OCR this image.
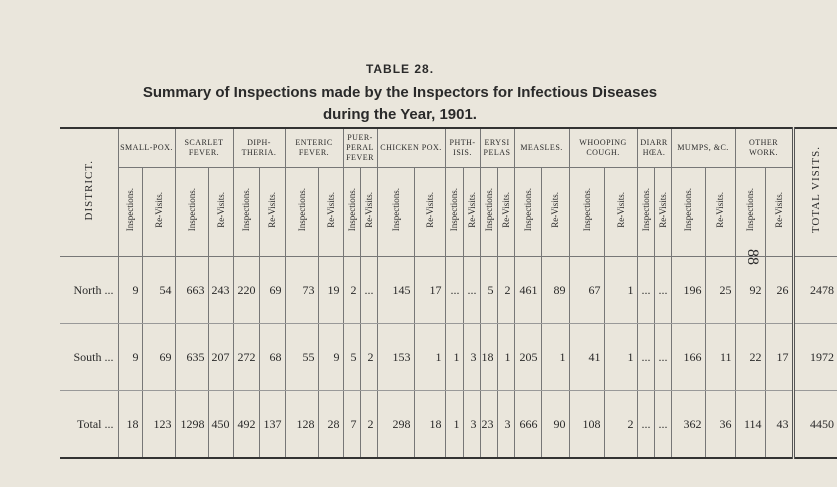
TABLE 28.
Summary of Inspections made by the Inspectors for Infectious Diseases
during the Year, 1901.
88
DISTRICT.	SMALL-POX.		SCARLET FEVER.		DIPH-THERIA.		ENTERIC FEVER.		PUER-PERAL FEVER		CHICKEN POX.		PHTH-ISIS.		ERYSI PELAS		MEASLES.		WHOOPING COUGH.		DIARR HŒA.		MUMPS, &C.		OTHER WORK.		TOTAL VISITS.
	Inspections.	Re-Visits.	Inspections.	Re-Visits.	Inspections.	Re-Visits.	Inspections.	Re-Visits.	Inspections.	Re-Visits.	Inspections.	Re-Visits.	Inspections.	Re-Visits.	Inspections.	Re-Visits.	Inspections.	Re-Visits.	Inspections.	Re-Visits.	Inspections.	Re-Visits.	Inspections.	Re-Visits.	Inspections.	Re-Visits.	
North ...	9	54	663	243	220	69	73	19	2	...	145	17	...	...	5	2	461	89	67	1	...	...	196	25	92	26	2478
South ...	9	69	635	207	272	68	55	9	5	2	153	1	1	3	18	1	205	1	41	1	...	...	166	11	22	17	1972
Total ...	18	123	1298	450	492	137	128	28	7	2	298	18	1	3	23	3	666	90	108	2	...	...	362	36	114	43	4450
